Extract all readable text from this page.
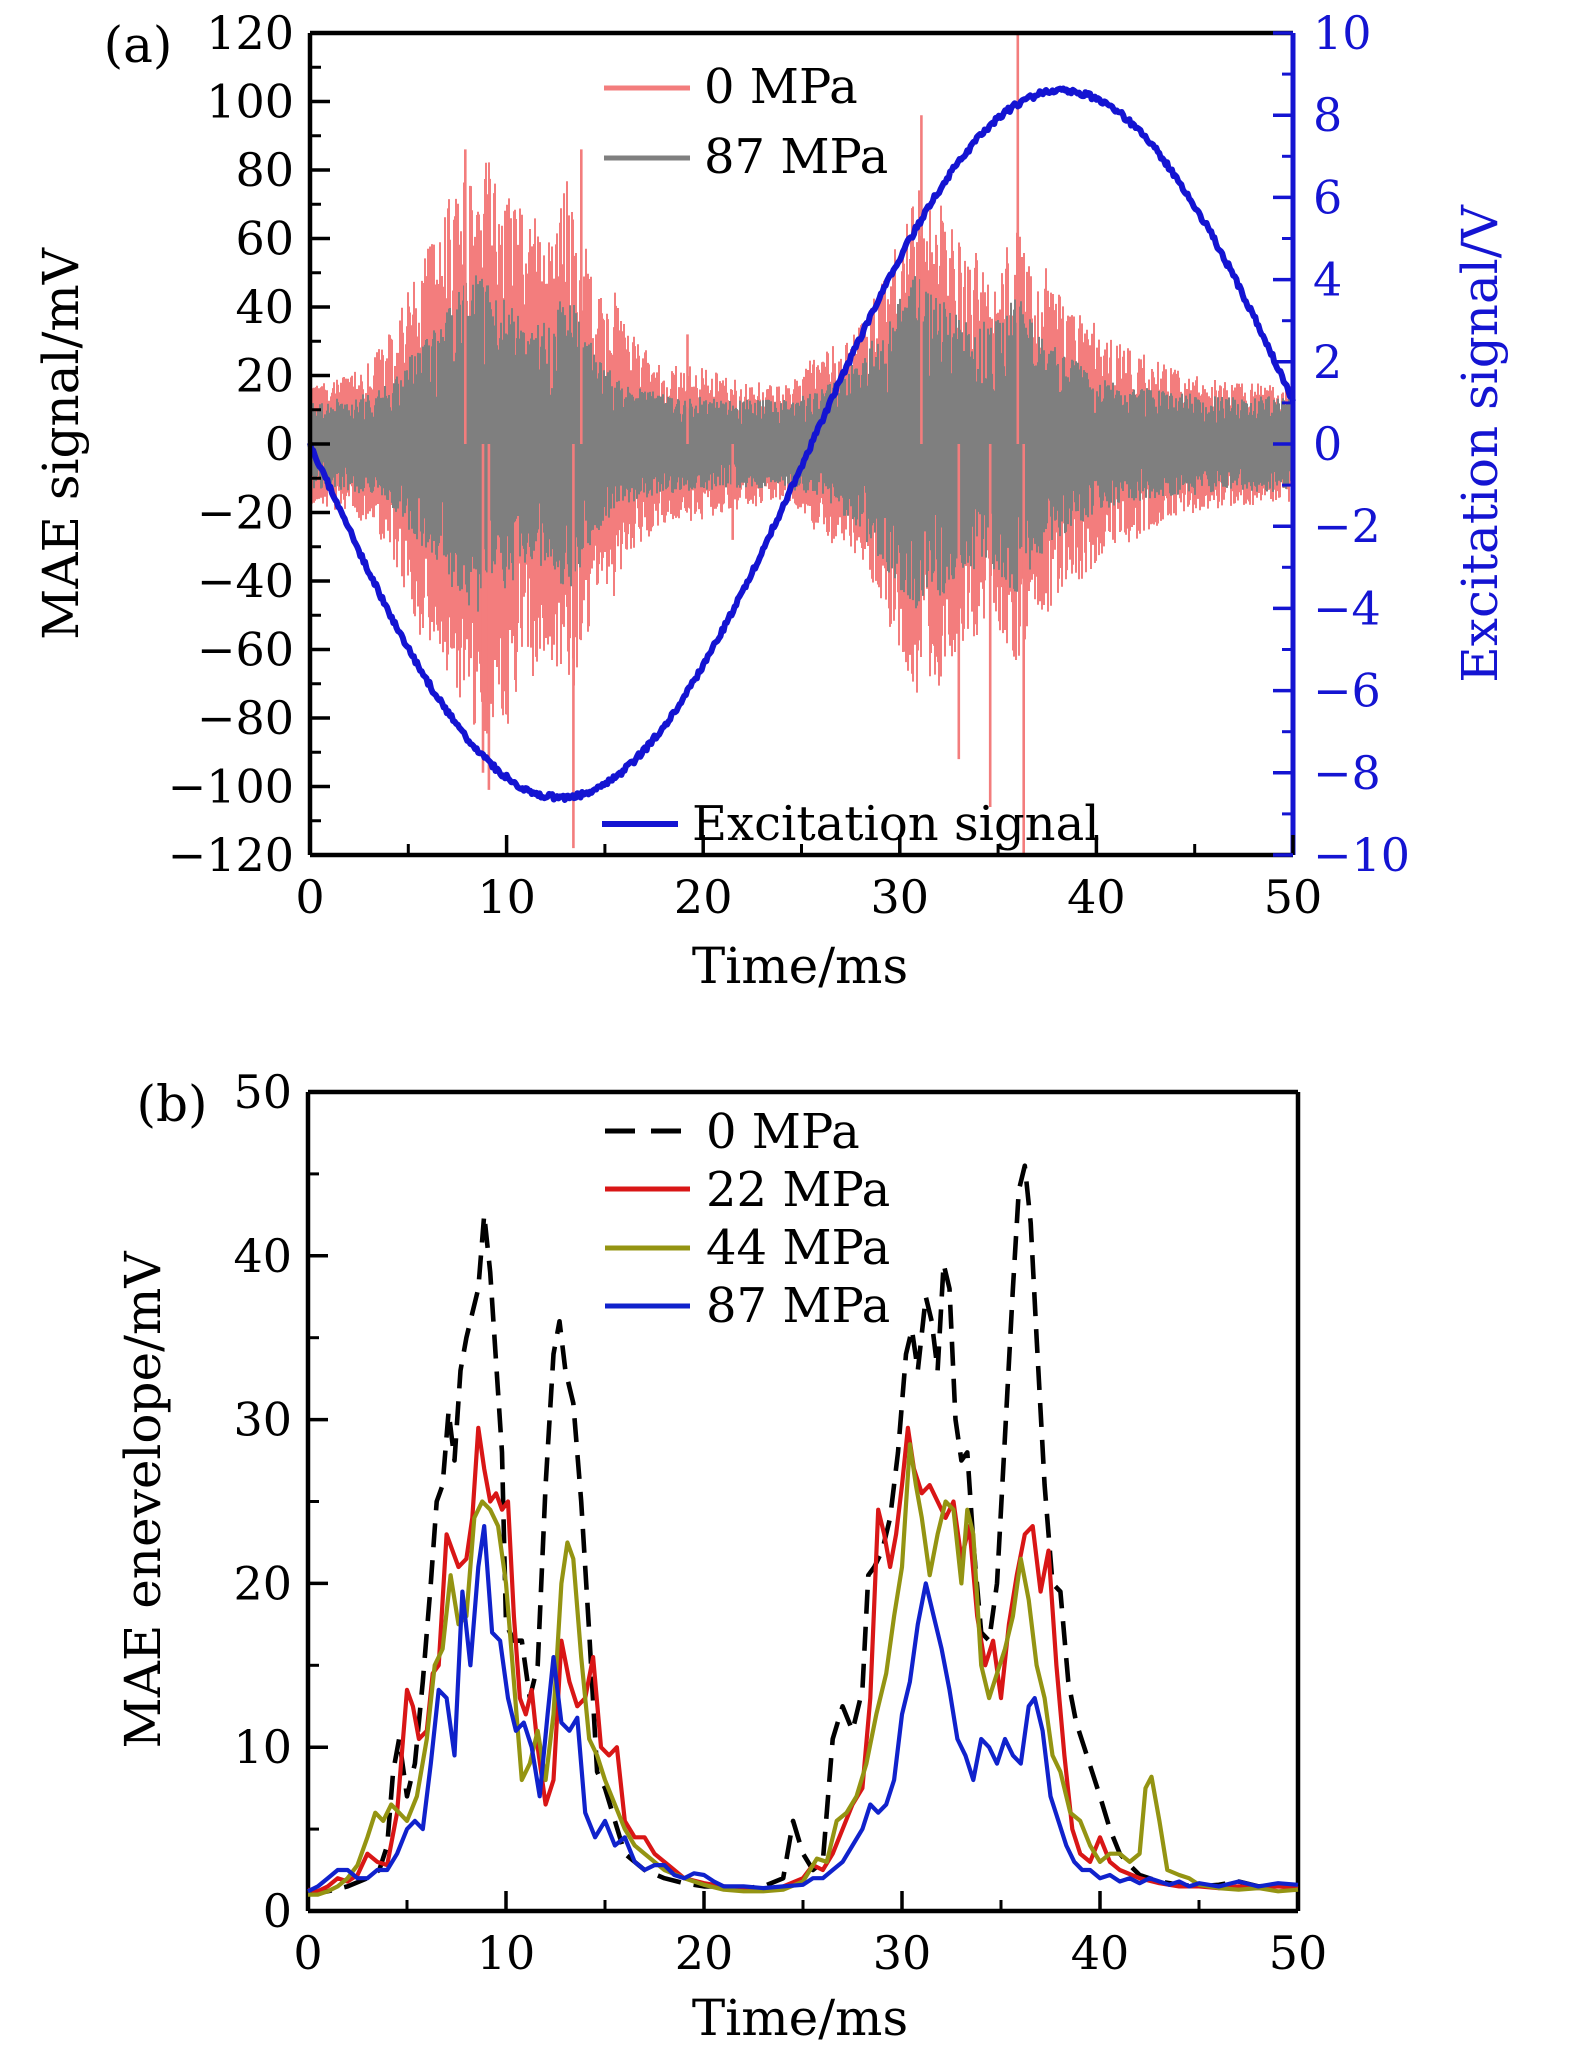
−120
−100
−80
−60
−40
−20
0
20
40
60
80
100
120
0	10	20	30	40	50
−10
−8
−6
−4
−2
0
2
4
6
8
10
0
10
20
30
40
50
0	10	20	30	40	50
(a)
MAE signal/mV	Excitation signal/V
Time/ms
0 MPa
87 MPa
Excitation signal
(b)
MAE enevelope/mV
Time/ms
0 MPa
22 MPa
44 MPa
87 MPa
